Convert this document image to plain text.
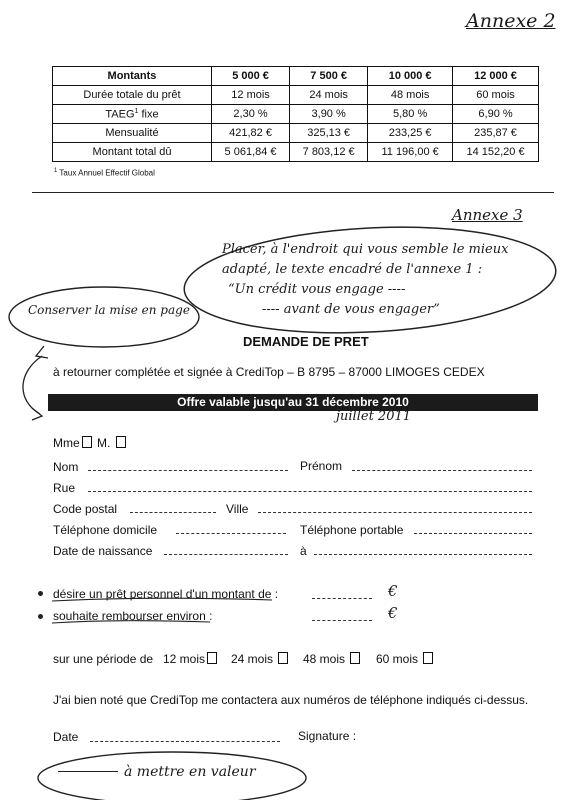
Annexe 2
Montants	5 000 €	7 500 €	10 000 €	12 000 €
Durée totale du prêt	12 mois	24 mois	48 mois	60 mois
TAEG$^1$ fixe	2,30 %	3,90 %	5,80 %	6,90 %
Mensualité	421,82 €	325,13 €	233,25 €	235,87 €
Montant total dû	5 061,84 €	7 803,12 €	11 196,00 €	14 152,20 €
$^1$ Taux Annuel Effectif Global
Annexe 3
Placer, à l'endroit qui vous semble le mieux
adapté, le texte encadré de l'annexe 1 :
“Un crédit vous engage ----
---- avant de vous engager”
Conserver la mise en page
DEMANDE DE PRET
à retourner complétée et signée à CrediTop – B 8795 – 87000 LIMOGES CEDEX
Offre valable jusqu'au 31 décembre 2010
juillet 2011
Mme M.
Nom	Prénom
Rue
Code postal	Ville
Téléphone domicile	Téléphone portable
Date de naissance	à
désire un prêt personnel d'un montant de :	€
souhaite rembourser environ :	€
sur une période de 12 mois 24 mois 48 mois	60 mois
J'ai bien noté que CrediTop me contactera aux numéros de téléphone indiqués ci-dessus.
Date	Signature :
à mettre en valeur
